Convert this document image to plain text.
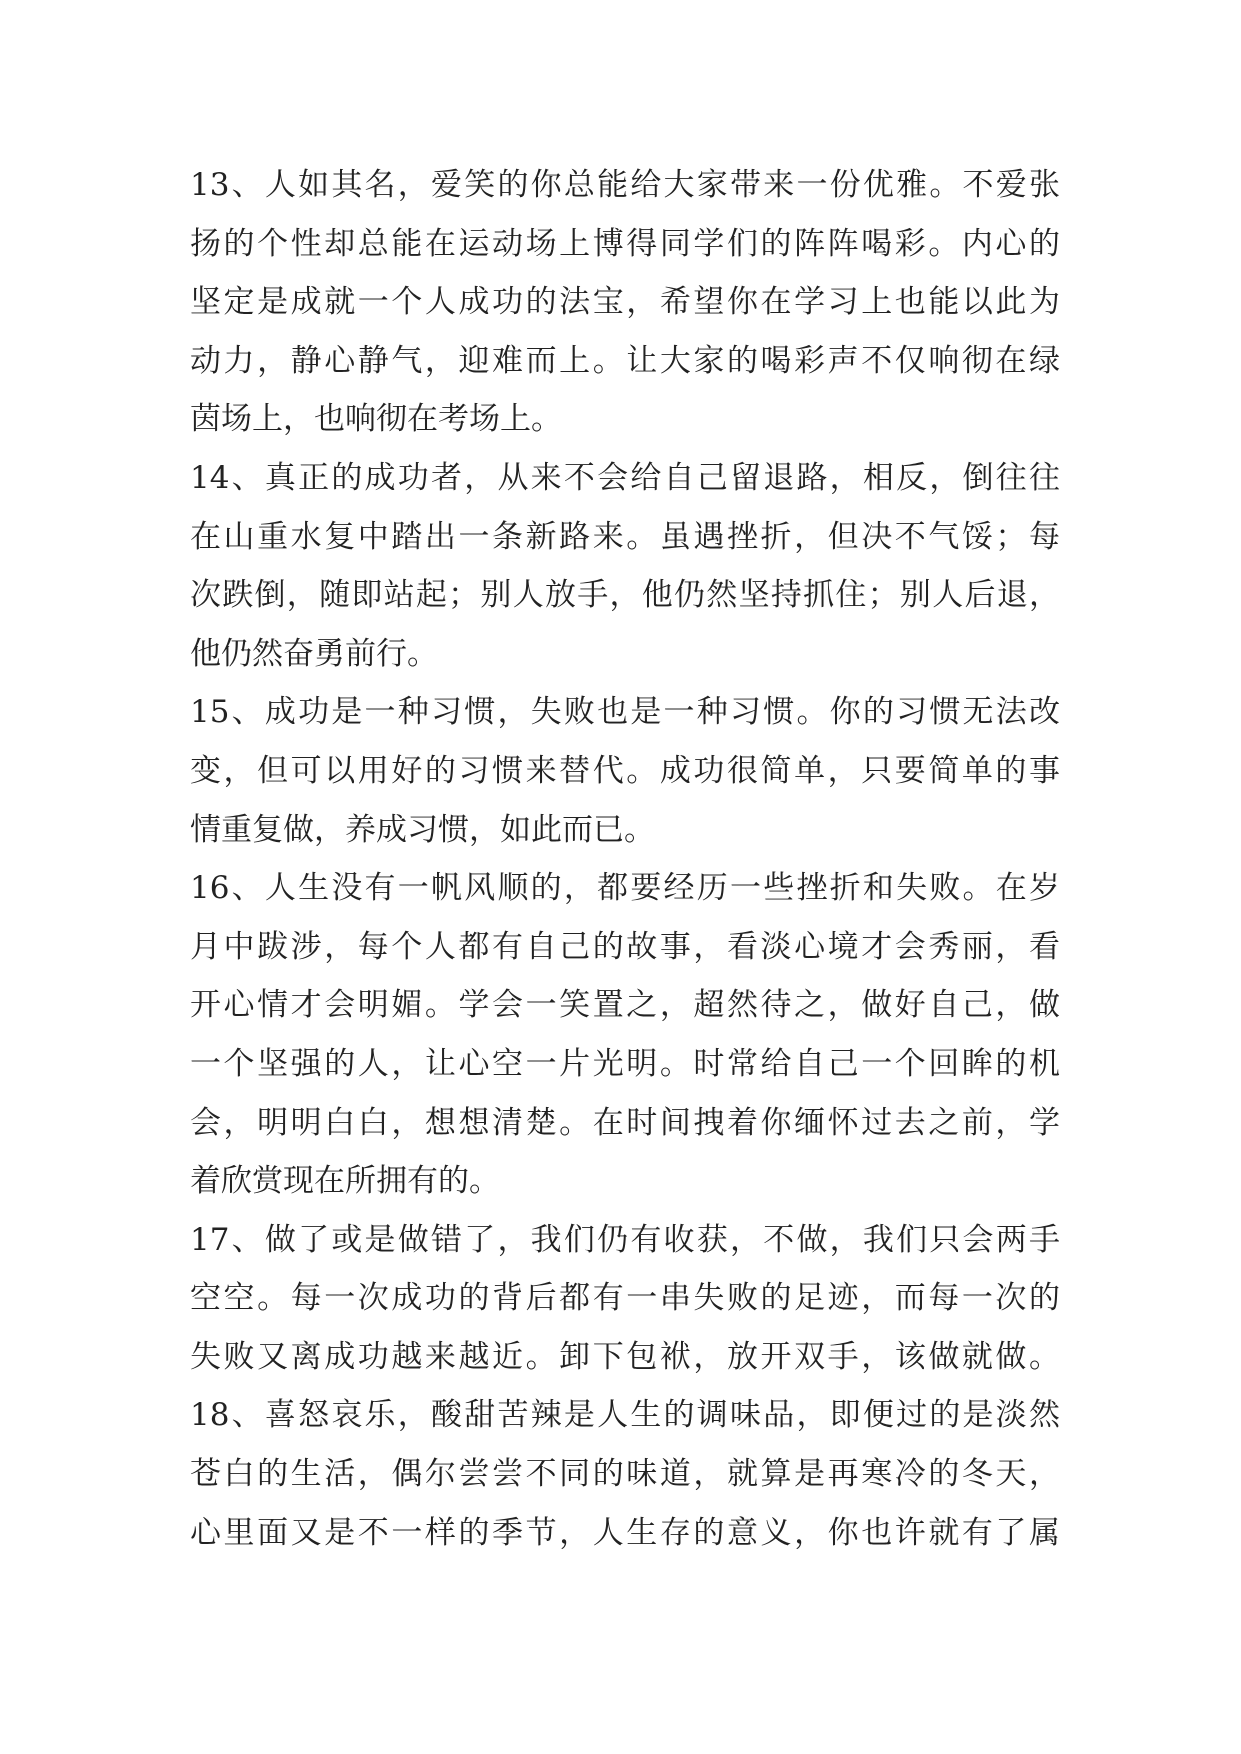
13、人如其名，爱笑的你总能给大家带来一份优雅。不爱张
扬的个性却总能在运动场上博得同学们的阵阵喝彩。内心的
坚定是成就一个人成功的法宝，希望你在学习上也能以此为
动力，静心静气，迎难而上。让大家的喝彩声不仅响彻在绿
茵场上，也响彻在考场上。
14、真正的成功者，从来不会给自己留退路，相反，倒往往
在山重水复中踏出一条新路来。虽遇挫折，但决不气馁；每
次跌倒，随即站起；别人放手，他仍然坚持抓住；别人后退，
他仍然奋勇前行。
15、成功是一种习惯，失败也是一种习惯。你的习惯无法改
变，但可以用好的习惯来替代。成功很简单，只要简单的事
情重复做，养成习惯，如此而已。
16、人生没有一帆风顺的，都要经历一些挫折和失败。在岁
月中跋涉，每个人都有自己的故事，看淡心境才会秀丽，看
开心情才会明媚。学会一笑置之，超然待之，做好自己，做
一个坚强的人，让心空一片光明。时常给自己一个回眸的机
会，明明白白，想想清楚。在时间拽着你缅怀过去之前，学
着欣赏现在所拥有的。
17、做了或是做错了，我们仍有收获，不做，我们只会两手
空空。每一次成功的背后都有一串失败的足迹，而每一次的
失败又离成功越来越近。卸下包袱，放开双手，该做就做。
18、喜怒哀乐，酸甜苦辣是人生的调味品，即便过的是淡然
苍白的生活，偶尔尝尝不同的味道，就算是再寒冷的冬天，
心里面又是不一样的季节，人生存的意义，你也许就有了属
